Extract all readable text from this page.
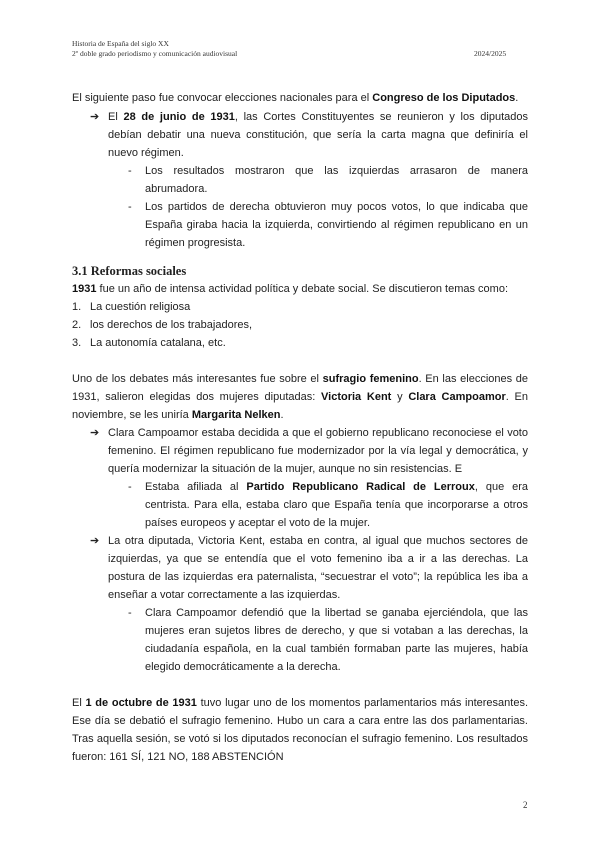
Historia de España del siglo XX
2º doble grado periodismo y comunicación audiovisual	2024/2025

El siguiente paso fue convocar elecciones nacionales para el Congreso de los Diputados.

➔ El 28 de junio de 1931, las Cortes Constituyentes se reunieron y los diputados debían debatir una nueva constitución, que sería la carta magna que definiría el nuevo régimen.
- Los resultados mostraron que las izquierdas arrasaron de manera abrumadora.
- Los partidos de derecha obtuvieron muy pocos votos, lo que indicaba que España giraba hacia la izquierda, convirtiendo al régimen republicano en un régimen progresista.
3.1 Reformas sociales

1931 fue un año de intensa actividad política y debate social. Se discutieron temas como:

1. La cuestión religiosa
2. los derechos de los trabajadores,
3. La autonomía catalana, etc.

Uno de los debates más interesantes fue sobre el sufragio femenino. En las elecciones de 1931, salieron elegidas dos mujeres diputadas: Victoria Kent y Clara Campoamor. En noviembre, se les uniría Margarita Nelken.

➔ Clara Campoamor estaba decidida a que el gobierno republicano reconociese el voto femenino. El régimen republicano fue modernizador por la vía legal y democrática, y quería modernizar la situación de la mujer, aunque no sin resistencias. E
- Estaba afiliada al Partido Republicano Radical de Lerroux, que era centrista. Para ella, estaba claro que España tenía que incorporarse a otros países europeos y aceptar el voto de la mujer.
➔ La otra diputada, Victoria Kent, estaba en contra, al igual que muchos sectores de izquierdas, ya que se entendía que el voto femenino iba a ir a las derechas. La postura de las izquierdas era paternalista, “secuestrar el voto”; la república les iba a enseñar a votar correctamente a las izquierdas.
- Clara Campoamor defendió que la libertad se ganaba ejerciéndola, que las mujeres eran sujetos libres de derecho, y que si votaban a las derechas, la ciudadanía española, en la cual también formaban parte las mujeres, había elegido democráticamente a la derecha.

El 1 de octubre de 1931 tuvo lugar uno de los momentos parlamentarios más interesantes. Ese día se debatió el sufragio femenino. Hubo un cara a cara entre las dos parlamentarias. Tras aquella sesión, se votó si los diputados reconocían el sufragio femenino. Los resultados fueron: 161 SÍ, 121 NO, 188 ABSTENCIÓN

2
